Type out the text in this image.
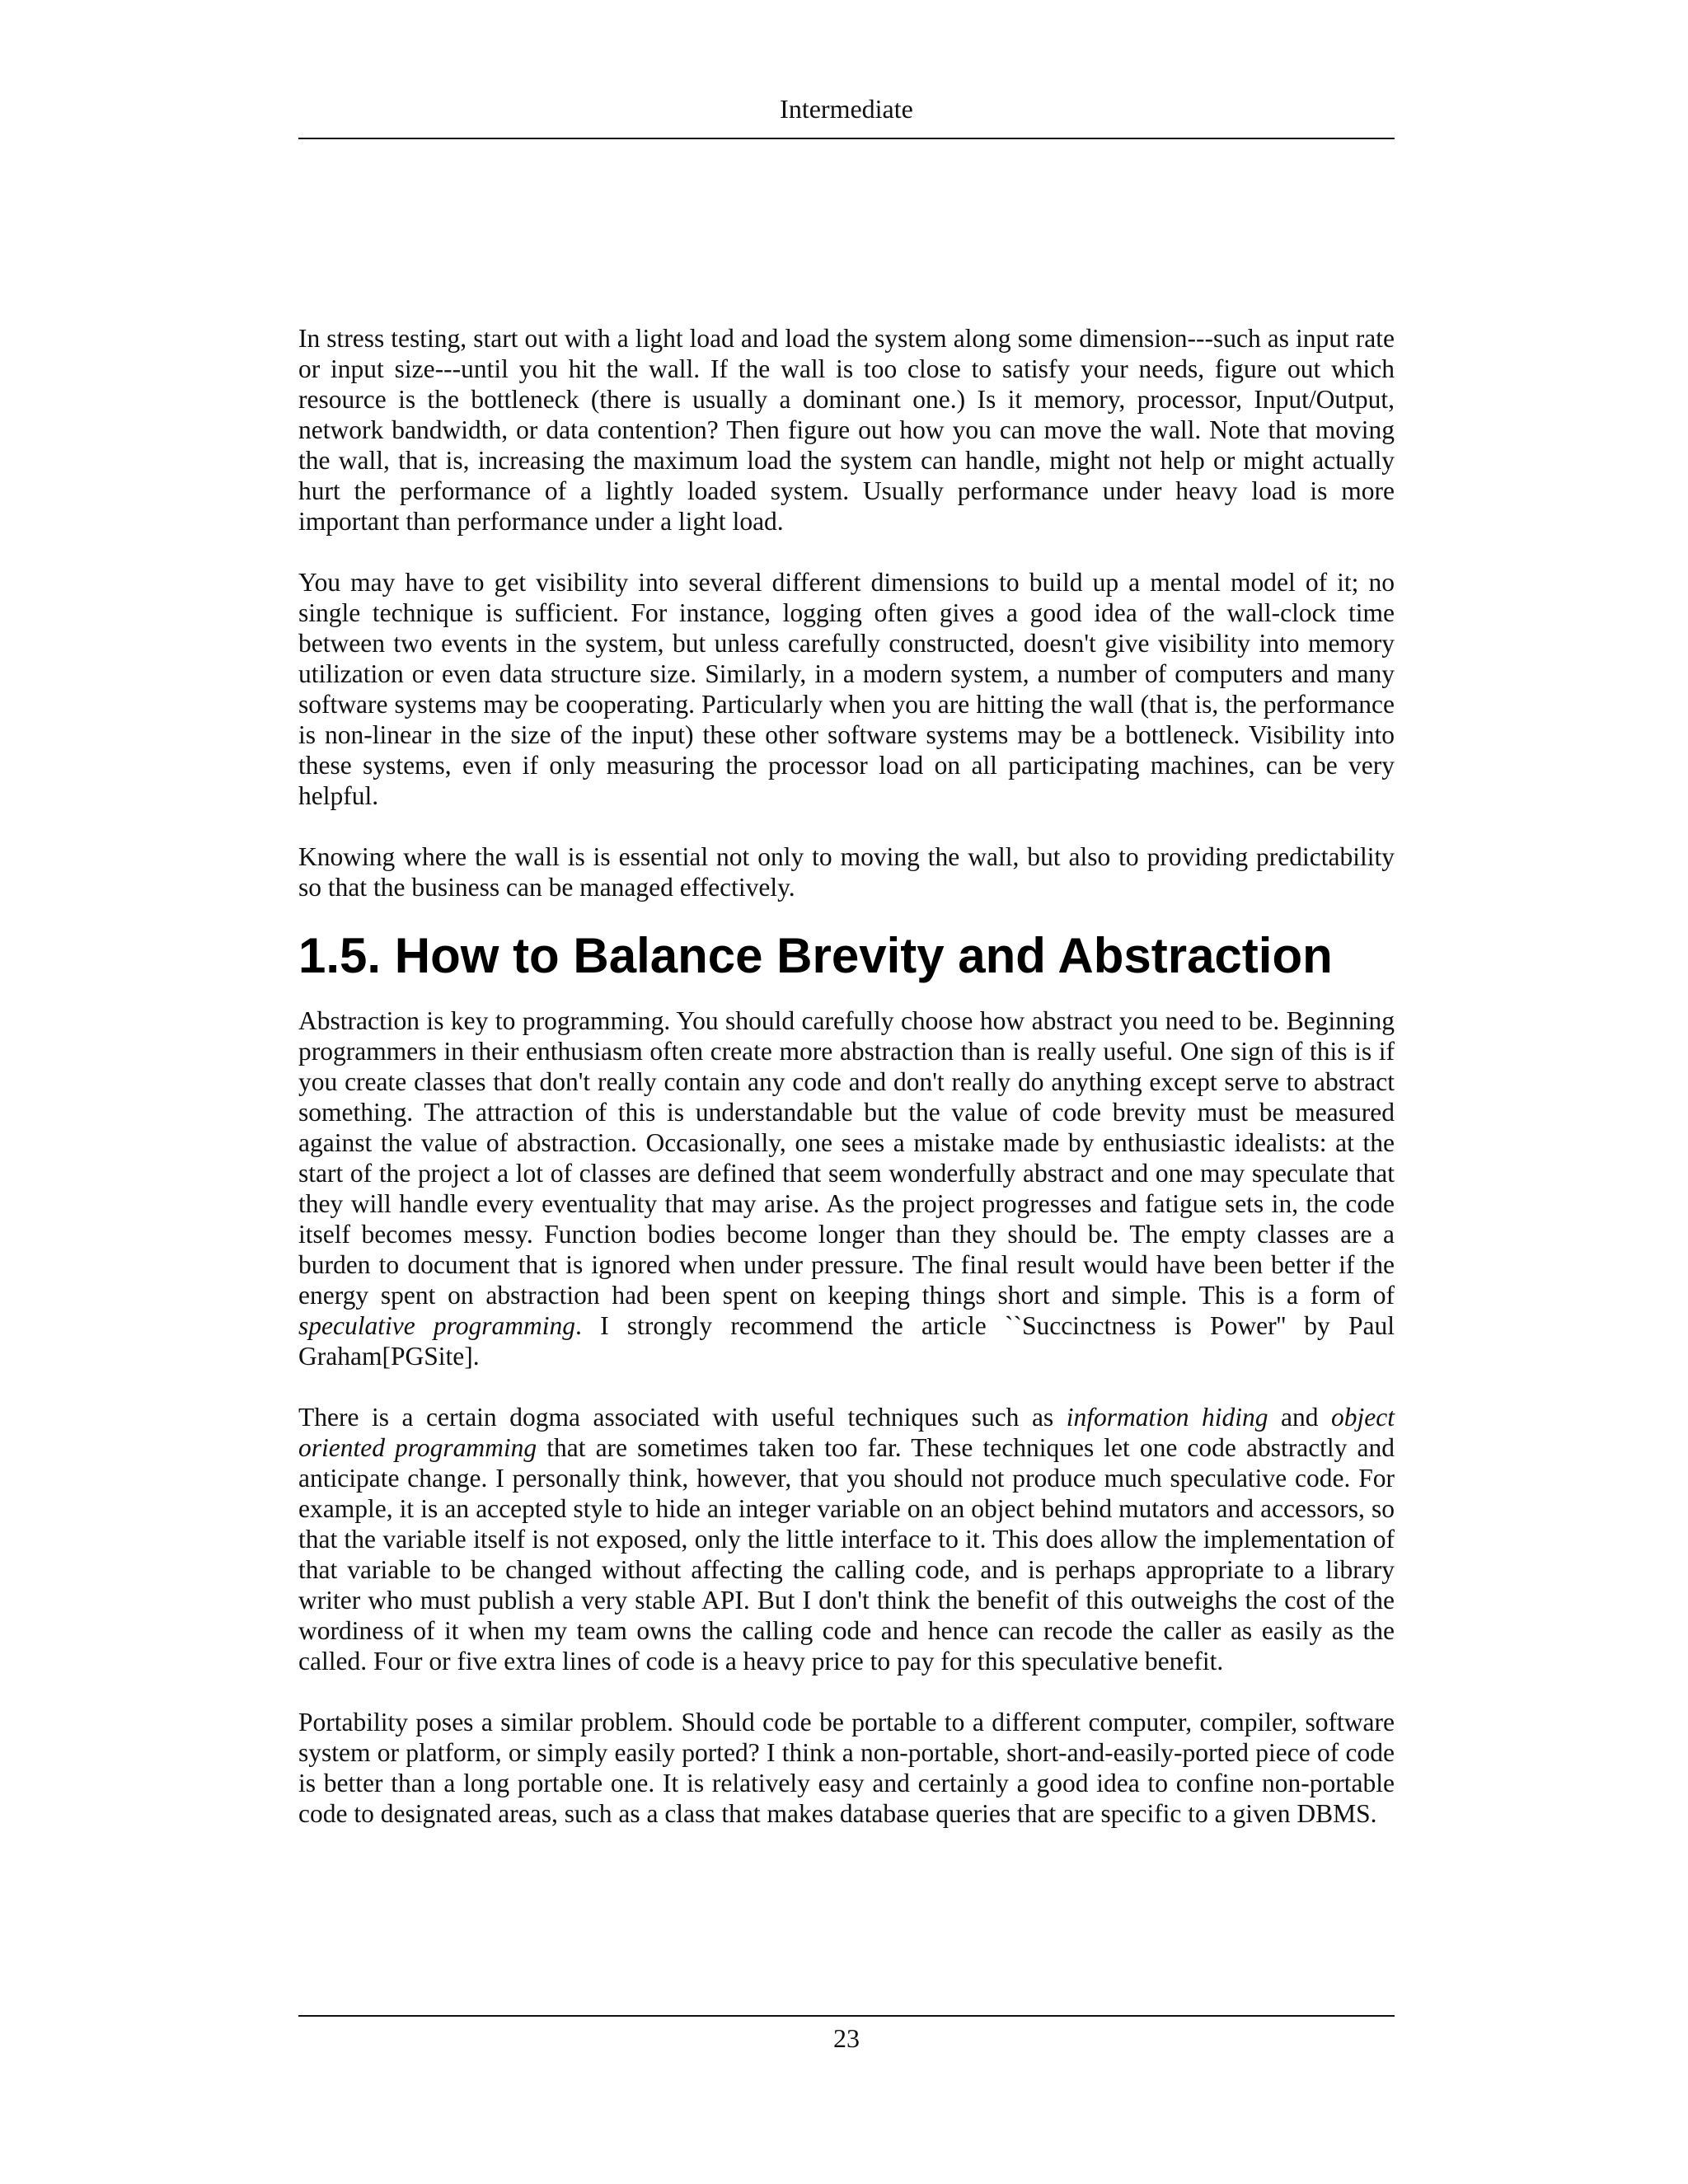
Intermediate

In stress testing, start out with a light load and load the system along some dimension---such as input rate or input size---until you hit the wall. If the wall is too close to satisfy your needs, figure out which resource is the bottleneck (there is usually a dominant one.) Is it memory, processor, Input/Output, network bandwidth, or data contention? Then figure out how you can move the wall. Note that moving the wall, that is, increasing the maximum load the system can handle, might not help or might actually hurt the performance of a lightly loaded system. Usually performance under heavy load is more important than performance under a light load.

You may have to get visibility into several different dimensions to build up a mental model of it; no single technique is sufficient. For instance, logging often gives a good idea of the wall-clock time between two events in the system, but unless carefully constructed, doesn't give visibility into memory utilization or even data structure size. Similarly, in a modern system, a number of computers and many software systems may be cooperating. Particularly when you are hitting the wall (that is, the performance is non-linear in the size of the input) these other software systems may be a bottleneck. Visibility into these systems, even if only measuring the processor load on all participating machines, can be very helpful.

Knowing where the wall is is essential not only to moving the wall, but also to providing predictability so that the business can be managed effectively.

1.5. How to Balance Brevity and Abstraction

Abstraction is key to programming. You should carefully choose how abstract you need to be. Beginning programmers in their enthusiasm often create more abstraction than is really useful. One sign of this is if you create classes that don't really contain any code and don't really do anything except serve to abstract something. The attraction of this is understandable but the value of code brevity must be measured against the value of abstraction. Occasionally, one sees a mistake made by enthusiastic idealists: at the start of the project a lot of classes are defined that seem wonderfully abstract and one may speculate that they will handle every eventuality that may arise. As the project progresses and fatigue sets in, the code itself becomes messy. Function bodies become longer than they should be. The empty classes are a burden to document that is ignored when under pressure. The final result would have been better if the energy spent on abstraction had been spent on keeping things short and simple. This is a form of speculative programming. I strongly recommend the article ``Succinctness is Power'' by Paul Graham[PGSite].

There is a certain dogma associated with useful techniques such as information hiding and object oriented programming that are sometimes taken too far. These techniques let one code abstractly and anticipate change. I personally think, however, that you should not produce much speculative code. For example, it is an accepted style to hide an integer variable on an object behind mutators and accessors, so that the variable itself is not exposed, only the little interface to it. This does allow the implementation of that variable to be changed without affecting the calling code, and is perhaps appropriate to a library writer who must publish a very stable API. But I don't think the benefit of this outweighs the cost of the wordiness of it when my team owns the calling code and hence can recode the caller as easily as the called. Four or five extra lines of code is a heavy price to pay for this speculative benefit.

Portability poses a similar problem. Should code be portable to a different computer, compiler, software system or platform, or simply easily ported? I think a non-portable, short-and-easily-ported piece of code is better than a long portable one. It is relatively easy and certainly a good idea to confine non-portable code to designated areas, such as a class that makes database queries that are specific to a given DBMS.

23
